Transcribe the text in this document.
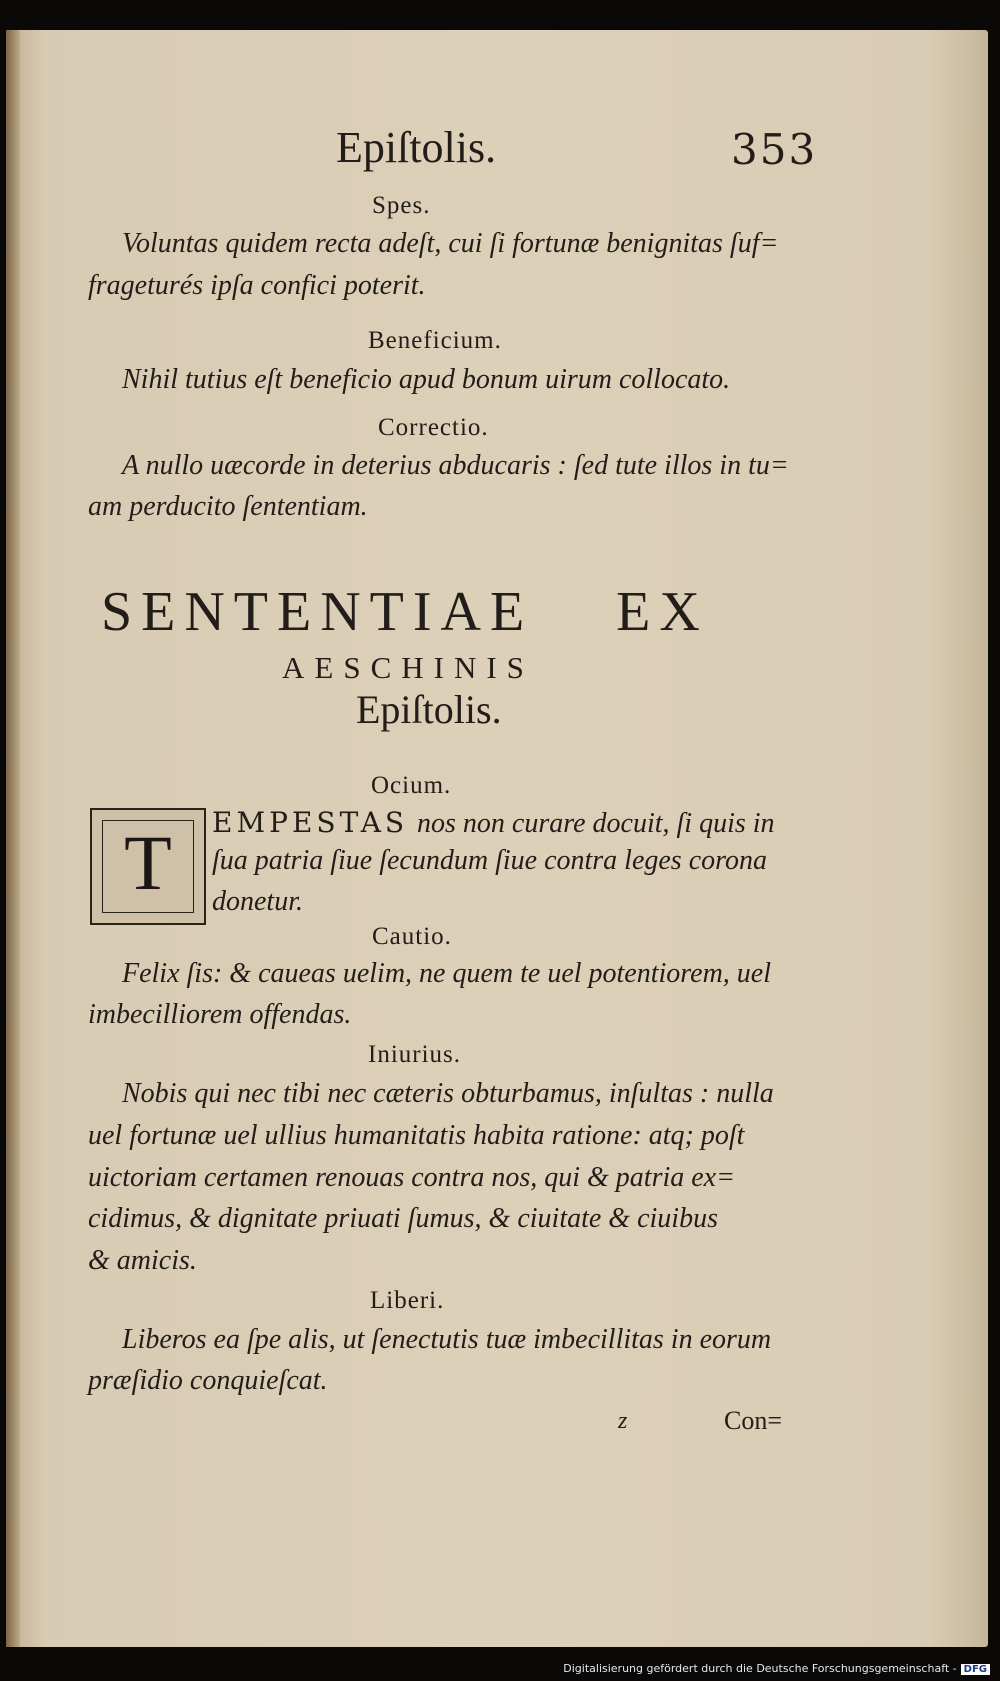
Epiſtolis.	353
Spes.
Voluntas quidem recta adeſt, cui ſi fortunæ benignitas ſuf=
frageturés ipſa confici poterit.
Beneficium.
Nihil tutius eſt beneficio apud bonum uirum collocato.
Correctio.
A nullo uæcorde in deterius abducaris : ſed tute illos in tu=
am perducito ſententiam.
SENTENTIAE EX
AESCHINIS
Epiſtolis.
Ocium.
T	EMPESTAS nos non curare docuit, ſi quis in
ſua patria ſiue ſecundum ſiue contra leges corona
donetur.
Cautio.
Felix ſis: & caueas uelim, ne quem te uel potentiorem, uel
imbecilliorem offendas.
Iniurius.
Nobis qui nec tibi nec cæteris obturbamus, inſultas : nulla
uel fortunæ uel ullius humanitatis habita ratione: atq; poſt
uictoriam certamen renouas contra nos, qui & patria ex=
cidimus, & dignitate priuati ſumus, & ciuitate & ciuibus
& amicis.
Liberi.
Liberos ea ſpe alis, ut ſenectutis tuæ imbecillitas in eorum
præſidio conquieſcat.
z	Con=
Digitalisierung gefördert durch die Deutsche Forschungsgemeinschaft - DFG
